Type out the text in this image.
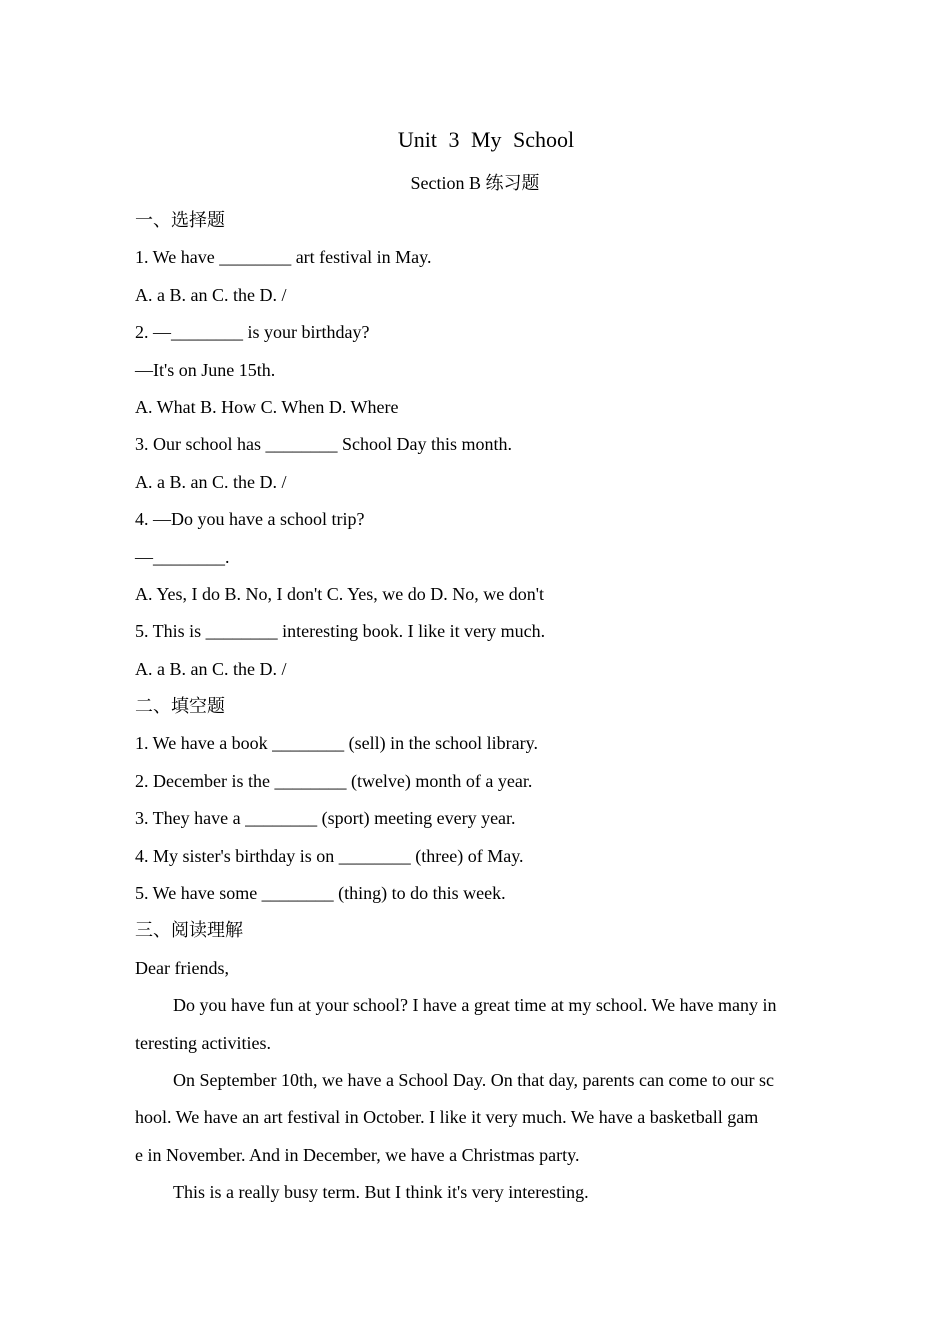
Unit 3 My School
Section B 练习题
一、选择题
1. We have ________ art festival in May.
A. a B. an C. the D. /
2. —________ is your birthday?
—It's on June 15th.
A. What B. How C. When D. Where
3. Our school has ________ School Day this month.
A. a B. an C. the D. /
4. —Do you have a school trip?
—________.
A. Yes, I do B. No, I don't C. Yes, we do D. No, we don't
5. This is ________ interesting book. I like it very much.
A. a B. an C. the D. /
二、填空题
1. We have a book ________ (sell) in the school library.
2. December is the ________ (twelve) month of a year.
3. They have a ________ (sport) meeting every year.
4. My sister's birthday is on ________ (three) of May.
5. We have some ________ (thing) to do this week.
三、阅读理解
Dear friends,
Do you have fun at your school? I have a great time at my school. We have many in
teresting activities.
On September 10th, we have a School Day. On that day, parents can come to our sc
hool. We have an art festival in October. I like it very much. We have a basketball gam
e in November. And in December, we have a Christmas party.
This is a really busy term. But I think it's very interesting.
